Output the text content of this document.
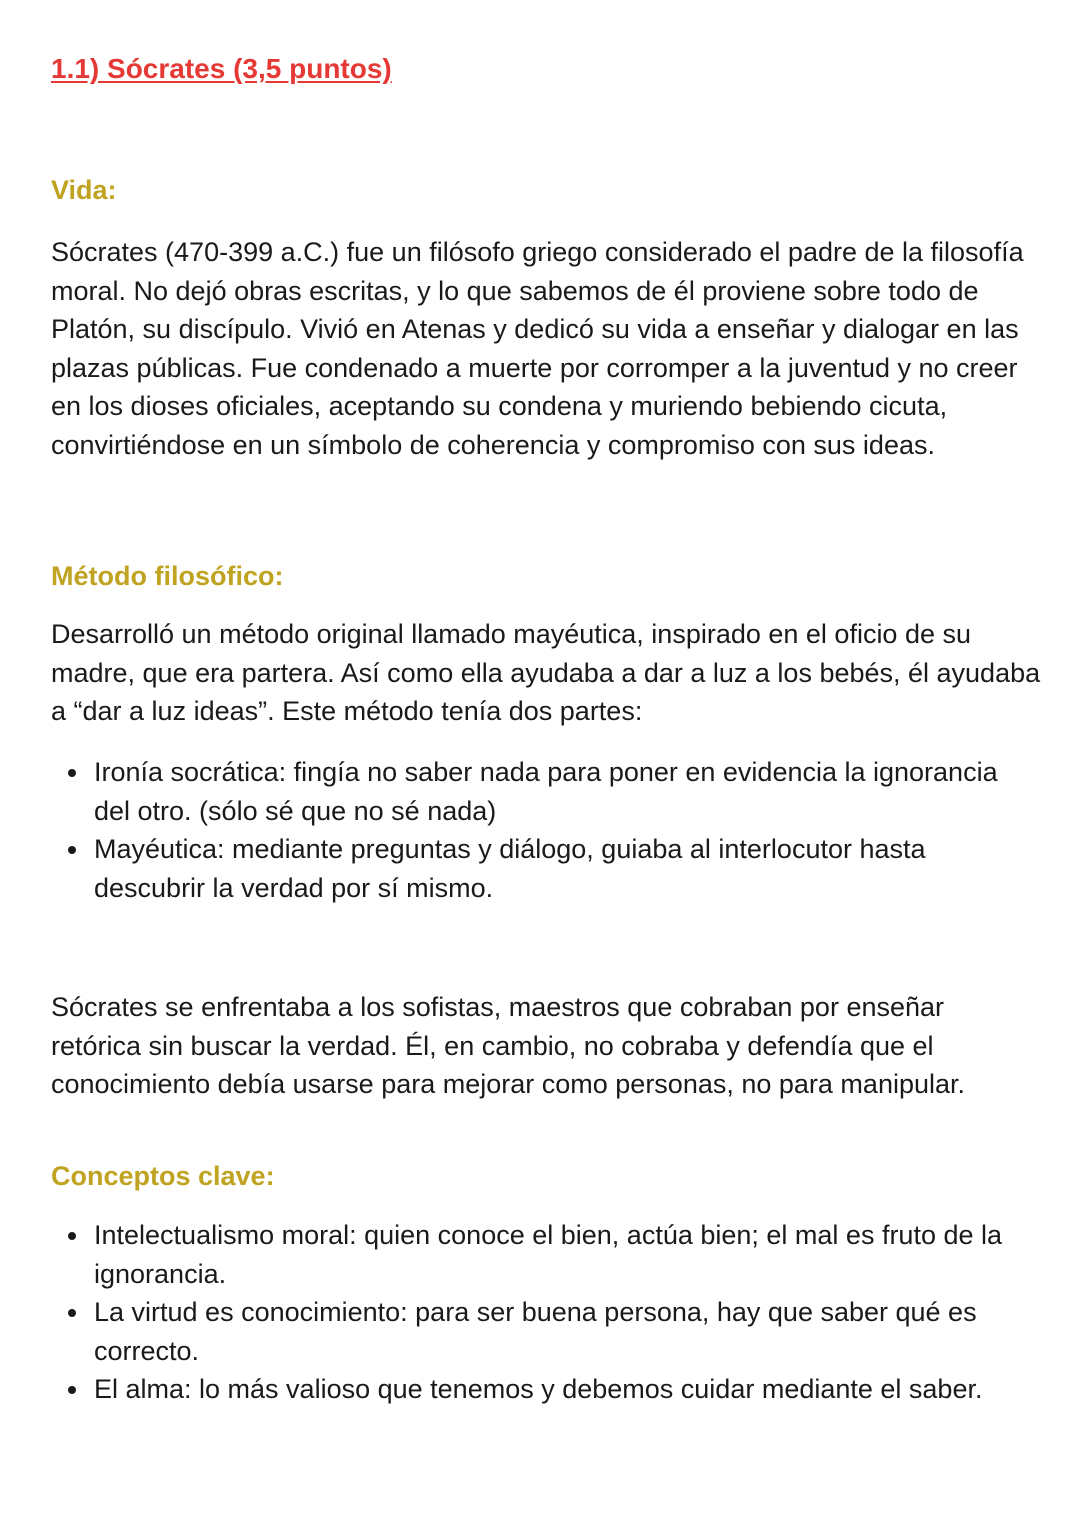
1.1) Sócrates (3,5 puntos)
Vida:

Sócrates (470-399 a.C.) fue un filósofo griego considerado el padre de la filosofía moral. No dejó obras escritas, y lo que sabemos de él proviene sobre todo de Platón, su discípulo. Vivió en Atenas y dedicó su vida a enseñar y dialogar en las plazas públicas. Fue condenado a muerte por corromper a la juventud y no creer en los dioses oficiales, aceptando su condena y muriendo bebiendo cicuta, convirtiéndose en un símbolo de coherencia y compromiso con sus ideas.

Método filosófico:

Desarrolló un método original llamado mayéutica, inspirado en el oficio de su madre, que era partera. Así como ella ayudaba a dar a luz a los bebés, él ayudaba a “dar a luz ideas”. Este método tenía dos partes:

Ironía socrática: fingía no saber nada para poner en evidencia la ignorancia del otro. (sólo sé que no sé nada)
Mayéutica: mediante preguntas y diálogo, guiaba al interlocutor hasta descubrir la verdad por sí mismo.

Sócrates se enfrentaba a los sofistas, maestros que cobraban por enseñar retórica sin buscar la verdad. Él, en cambio, no cobraba y defendía que el conocimiento debía usarse para mejorar como personas, no para manipular.

Conceptos clave:
Intelectualismo moral: quien conoce el bien, actúa bien; el mal es fruto de la ignorancia.
La virtud es conocimiento: para ser buena persona, hay que saber qué es correcto.
El alma: lo más valioso que tenemos y debemos cuidar mediante el saber.
